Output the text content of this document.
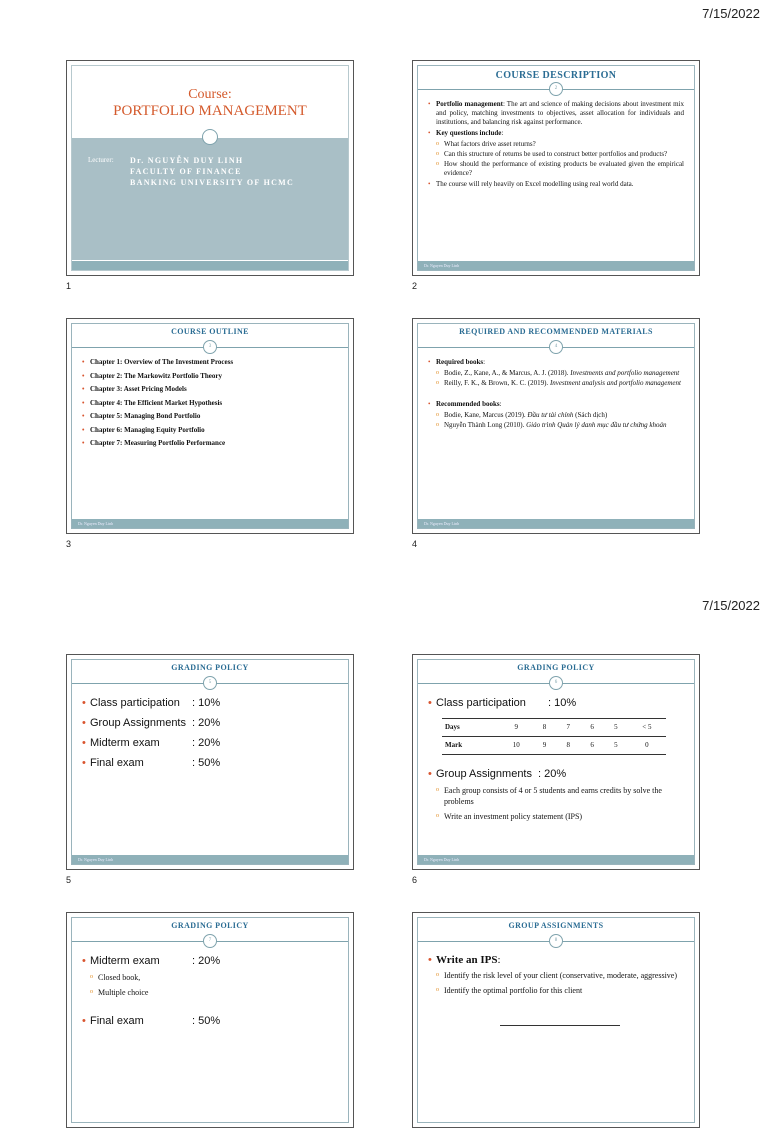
7/15/2022
Course:
PORTFOLIO MANAGEMENT
Lecturer: Dr. NGUYỄN DUY LINH
FACULTY OF FINANCE
BANKING UNIVERSITY OF HCMC
1
COURSE DESCRIPTION
2
• Portfolio management: The art and science of making decisions about investment mix and policy, matching investments to objectives, asset allocation for individuals and institutions, and balancing risk against performance.
• Key questions include:
o What factors drive asset returns?
o Can this structure of returns be used to construct better portfolios and products?
o How should the performance of existing products be evaluated given the empirical evidence?
• The course will rely heavily on Excel modelling using real world data.
Dr. Nguyen Duy Linh
2
COURSE OUTLINE
3
• Chapter 1: Overview of The Investment Process
• Chapter 2: The Markowitz Portfolio Theory
• Chapter 3: Asset Pricing Models
• Chapter 4: The Efficient Market Hypothesis
• Chapter 5: Managing Bond Portfolio
• Chapter 6: Managing Equity Portfolio
• Chapter 7: Measuring Portfolio Performance
Dr. Nguyen Duy Linh
3
REQUIRED AND RECOMMENDED MATERIALS
4
• Required books:
o Bodie, Z., Kane, A., & Marcus, A. J. (2018). Investments and portfolio management
o Reilly, F. K., & Brown, K. C. (2019). Investment analysis and portfolio management
• Recommended books:
o Bodie, Kane, Marcus (2019). Đầu tư tài chính (Sách dịch)
o Nguyễn Thành Long (2010). Giáo trình Quản lý danh mục đầu tư chứng khoán
Dr. Nguyen Duy Linh
4
7/15/2022
GRADING POLICY
5
• Class participation : 10%
• Group Assignments : 20%
• Midterm exam	: 20%
• Final exam	: 50%
Dr. Nguyen Duy Linh
5
GRADING POLICY
6
• Class participation : 10%
Days	9	8	7	6	5	< 5
Mark	10	9	8	6	5	0
• Group Assignments : 20%
o Each group consists of 4 or 5 students and earns credits by solve the problems
o Write an investment policy statement (IPS)
Dr. Nguyen Duy Linh
6
GRADING POLICY
7
• Midterm exam	: 20%
o Closed book,
o Multiple choice
• Final exam	: 50%
GROUP ASSIGNMENTS
8
• Write an IPS:
o Identify the risk level of your client (conservative, moderate, aggressive)
o Identify the optimal portfolio for this client
